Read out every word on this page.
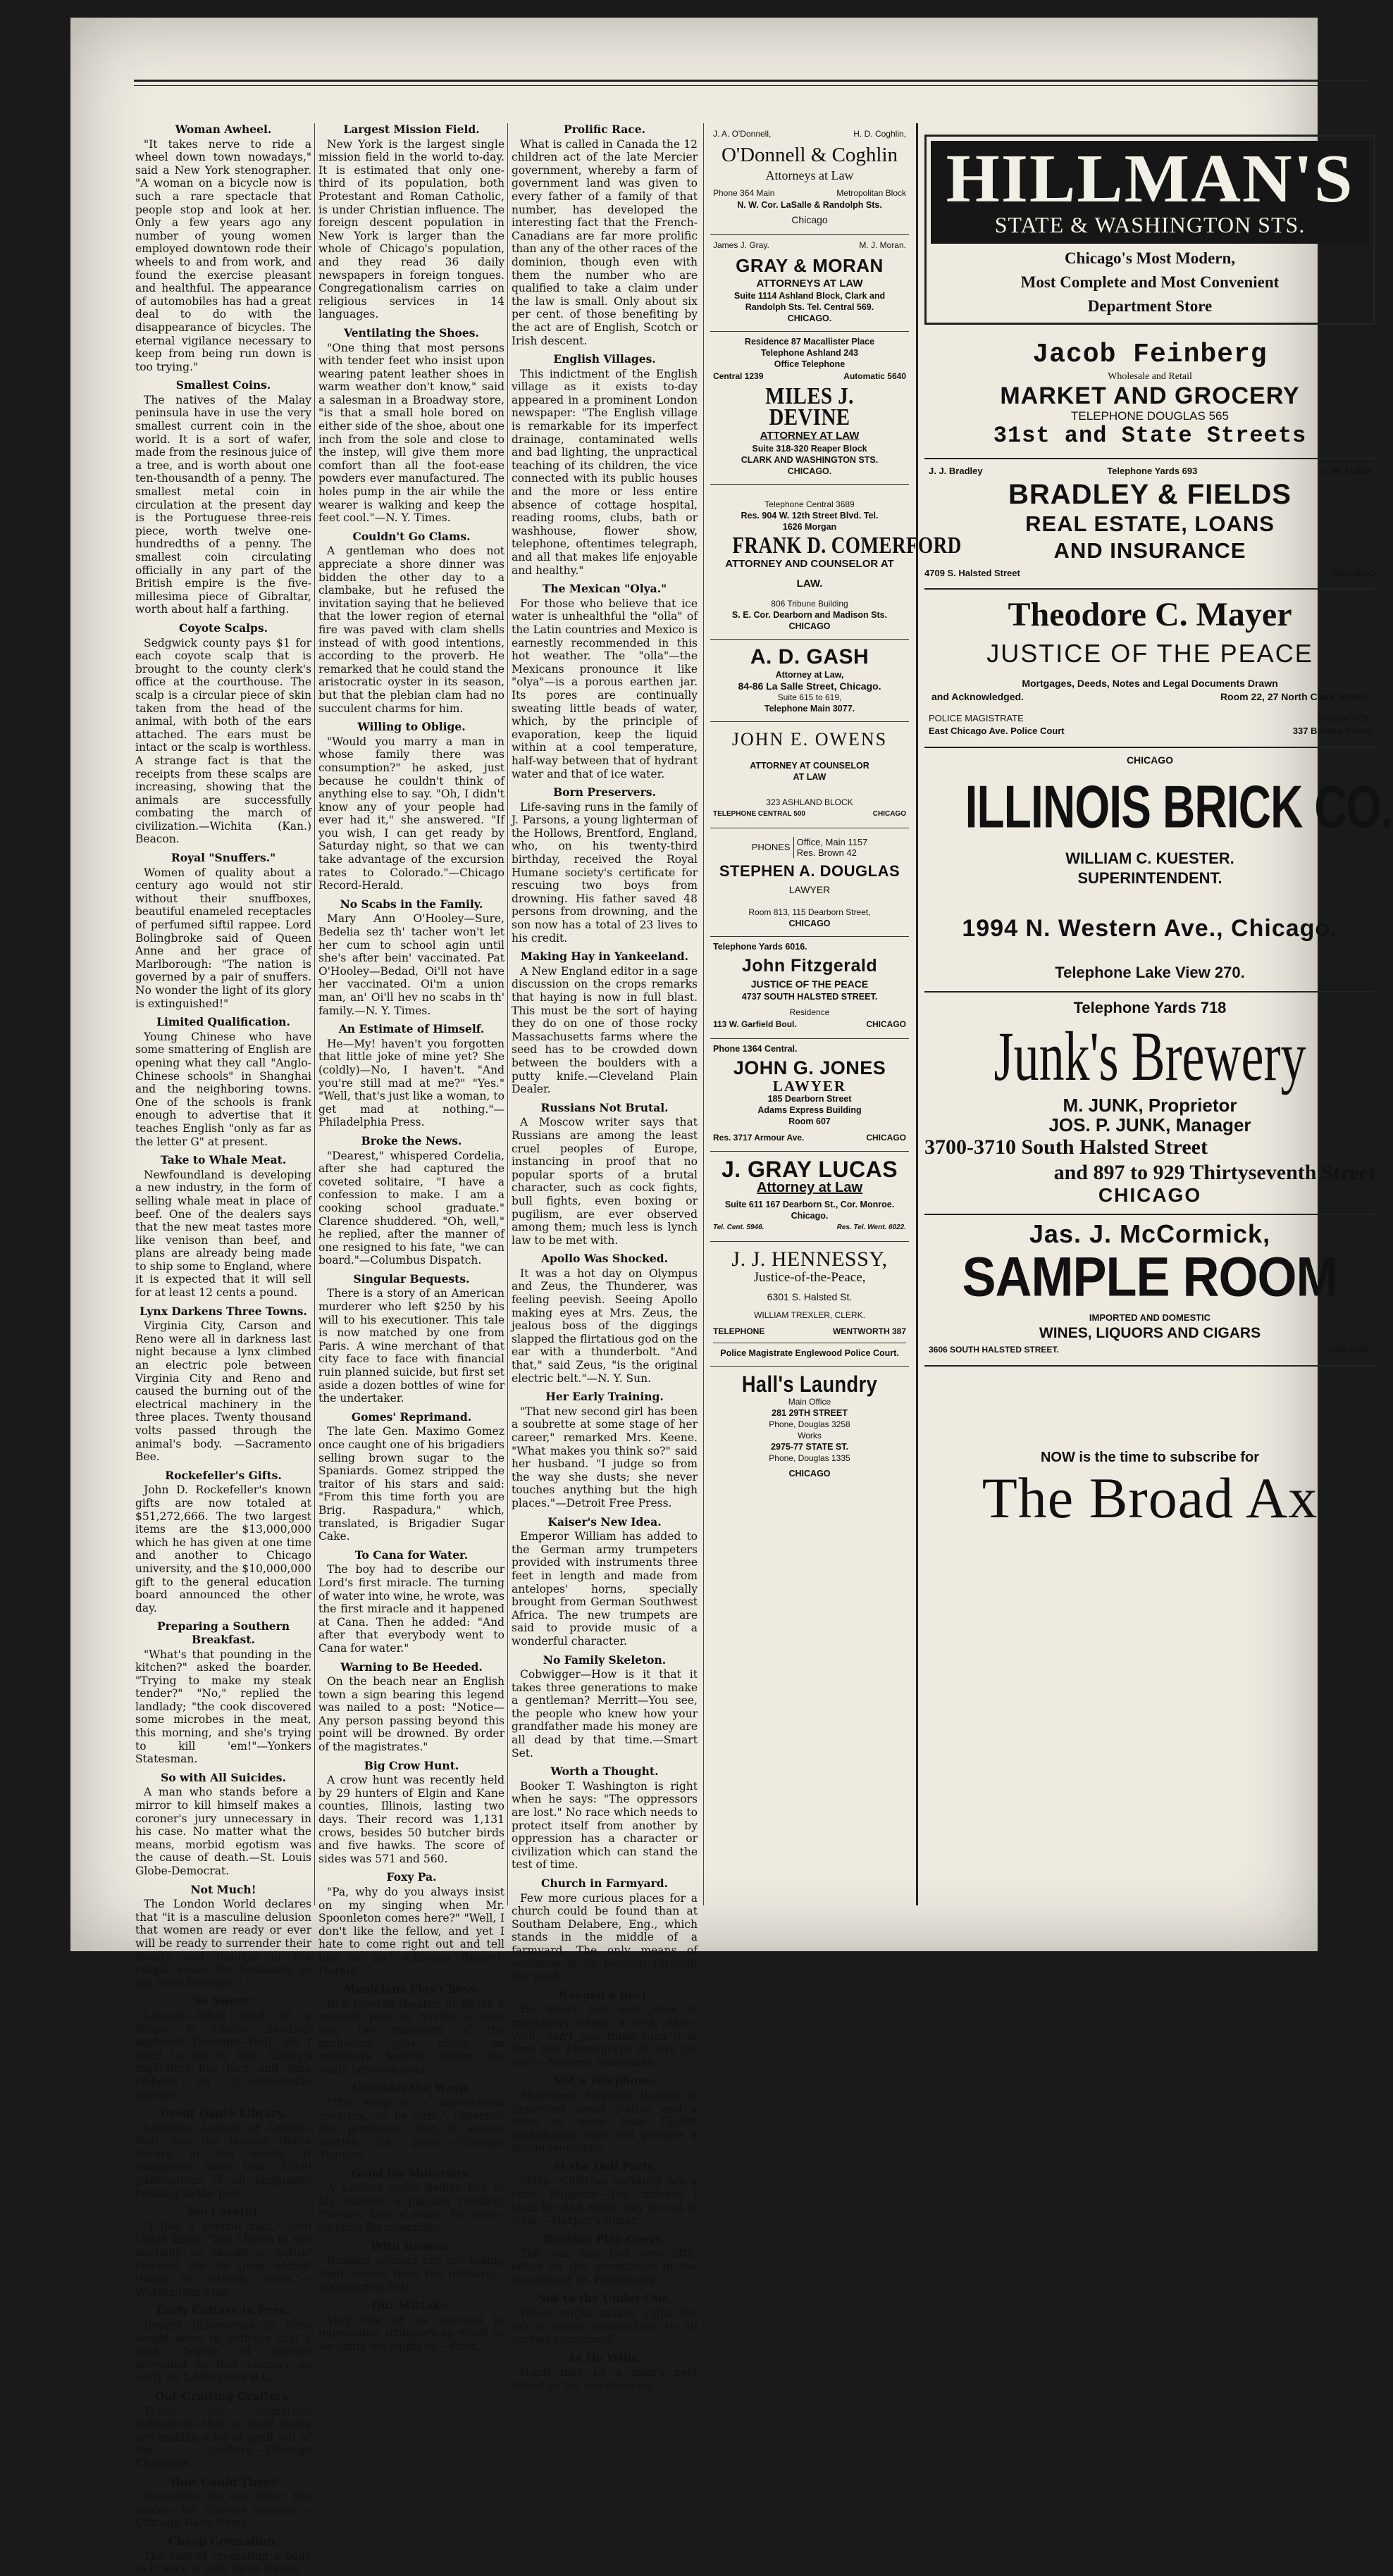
Woman Awheel.

"It takes nerve to ride a wheel down town nowadays," said a New York stenographer. "A woman on a bicycle now is such a rare spectacle that people stop and look at her. Only a few years ago any number of young women employed downtown rode their wheels to and from work, and found the exercise pleasant and healthful. The appearance of automobiles has had a great deal to do with the disappearance of bicycles. The eternal vigilance necessary to keep from being run down is too trying."

Smallest Coins.

The natives of the Malay peninsula have in use the very smallest current coin in the world. It is a sort of wafer, made from the resinous juice of a tree, and is worth about one ten-thousandth of a penny. The smallest metal coin in circulation at the present day is the Portuguese three-reis piece, worth twelve one-hundredths of a penny. The smallest coin circulating officially in any part of the British empire is the five-millesima piece of Gibraltar, worth about half a farthing.

Coyote Scalps.

Sedgwick county pays $1 for each coyote scalp that is brought to the county clerk's office at the courthouse. The scalp is a circular piece of skin taken from the head of the animal, with both of the ears attached. The ears must be intact or the scalp is worthless. A strange fact is that the receipts from these scalps are increasing, showing that the animals are successfully combating the march of civilization.—Wichita (Kan.) Beacon.

Royal "Snuffers."

Women of quality about a century ago would not stir without their snuffboxes, beautiful enameled receptacles of perfumed siftil rappee. Lord Bolingbroke said of Queen Anne and her grace of Marlborough: "The nation is governed by a pair of snuffers. No wonder the light of its glory is extinguished!"

Limited Qualification.

Young Chinese who have some smattering of English are opening what they call "Anglo-Chinese schools" in Shanghai and the neighboring towns. One of the schools is frank enough to advertise that it teaches English "only as far as the letter G" at present.

Take to Whale Meat.

Newfoundland is developing a new industry, in the form of selling whale meat in place of beef. One of the dealers says that the new meat tastes more like venison than beef, and plans are already being made to ship some to England, where it is expected that it will sell for at least 12 cents a pound.

Lynx Darkens Three Towns.

Virginia City, Carson and Reno were all in darkness last night because a lynx climbed an electric pole between Virginia City and Reno and caused the burning out of the electrical machinery in the three places. Twenty thousand volts passed through the animal's body. —Sacramento Bee.

Rockefeller's Gifts.

John D. Rockefeller's known gifts are now totaled at $51,272,666. The two largest items are the $13,000,000 which he has given at one time and another to Chicago university, and the $10,000,000 gift to the general education board announced the other day.

Preparing a Southern Breakfast.

"What's that pounding in the kitchen?" asked the boarder. "Trying to make my steak tender?" "No," replied the landlady; "the cook discovered some microbes in the meat, this morning, and she's trying to kill 'em!"—Yonkers Statesman.

So with All Suicides.

A man who stands before a mirror to kill himself makes a coroner's jury unnecessary in his case. No matter what the means, morbid egotism was the cause of death.—St. Louis Globe-Democrat.

Not Much!

The London World declares that "it is a masculine delusion that women are ready or ever will be ready to surrender their liberty and indulge in the vulgar chase for husbands as did their forbears."

So Sweet!

Lawson—What kind of a fellow is Cholly Sawfter, anyhow? Dawson—Well, all I need to say is that Cholly's nightshirt has lace and pink ribbons on it.—Somerville Journal.

Great Dante Library.

Leonidas Leonell of Undine, Italy, has the largest Dante library in the world. It comprises more than 3,000 publications of all languages relating to the poet.

Too Careful.

"I like a keerful man," said Uncle Eben, "but I hates to see anybody so skyaht o' gettin' cheated dat he goes widout things he actually needs."—Washington Star.

Early Culture in Peru.

Recent discoveries in Peru would seem to indicate that a high degree of culture prevailed in that country as early as 1,500 years B.C.

Out-Grafting Grafters.

There are numerous indications that a good many are making a lot of graft out of the grafters.—Chicago Chronicle.

How Could They?

Cigarettes do not affect the brains—for obvious reasons.—Chicago Daily News.

Cheap Cremation.

The cost of cremating a body in France is only three francs.

Largest Mission Field.

New York is the largest single mission field in the world to-day. It is estimated that only one-third of its population, both Protestant and Roman Catholic, is under Christian influence. The foreign descent population in New York is larger than the whole of Chicago's population, and they read 36 daily newspapers in foreign tongues. Congregationalism carries on religious services in 14 languages.

Ventilating the Shoes.

"One thing that most persons with tender feet who insist upon wearing patent leather shoes in warm weather don't know," said a salesman in a Broadway store, "is that a small hole bored on either side of the shoe, about one inch from the sole and close to the instep, will give them more comfort than all the foot-ease powders ever manufactured. The holes pump in the air while the wearer is walking and keep the feet cool."—N. Y. Times.

Couldn't Go Clams.

A gentleman who does not appreciate a shore dinner was bidden the other day to a clambake, but he refused the invitation saying that he believed that the lower region of eternal fire was paved with clam shells instead of with good intentions, according to the proverb. He remarked that he could stand the aristocratic oyster in its season, but that the plebian clam had no succulent charms for him.

Willing to Oblige.

"Would you marry a man in whose family there was consumption?" he asked, just because he couldn't think of anything else to say. "Oh, I didn't know any of your people had ever had it," she answered. "If you wish, I can get ready by Saturday night, so that we can take advantage of the excursion rates to Colorado."—Chicago Record-Herald.

No Scabs in the Family.

Mary Ann O'Hooley—Sure, Bedelia sez th' tacher won't let her cum to school agin until she's after bein' vaccinated. Pat O'Hooley—Bedad, Oi'll not have her vaccinated. Oi'm a union man, an' Oi'll hev no scabs in th' family.—N. Y. Times.

An Estimate of Himself.

He—My! haven't you forgotten that little joke of mine yet? She (coldly)—No, I haven't. "And you're still mad at me?" "Yes." "Well, that's just like a woman, to get mad at nothing."—Philadelphia Press.

Broke the News.

"Dearest," whispered Cordelia, after she had captured the coveted solitaire, "I have a confession to make. I am a cooking school graduate." Clarence shuddered. "Oh, well," he replied, after the manner of one resigned to his fate, "we can board."—Columbus Dispatch.

Singular Bequests.

There is a story of an American murderer who left $250 by his will to his executioner. This tale is now matched by one from Paris. A wine merchant of that city face to face with financial ruin planned suicide, but first set aside a dozen bottles of wine for the undertaker.

Gomes' Reprimand.

The late Gen. Maximo Gomez once caught one of his brigadiers selling brown sugar to the Spaniards. Gomez stripped the traitor of his stars and said: "From this time forth you are Brig. Raspadura," which, translated, is Brigadier Sugar Cake.

To Cana for Water.

The boy had to describe our Lord's first miracle. The turning of water into wine, he wrote, was the first miracle and it happened at Cana. Then he added: "And after that everybody went to Cana for water."

Warning to Be Heeded.

On the beach near an English town a sign bearing this legend was nailed to a post: "Notice—Any person passing beyond this point will be drowned. By order of the magistrates."

Big Crow Hunt.

A crow hunt was recently held by 29 hunters of Elgin and Kane counties, Illinois, lasting two days. Their record was 1,131 crows, besides 50 butcher birds and five hawks. The score of sides was 571 and 560.

Foxy Pa.

"Pa, why do you always insist on my singing when Mr. Spoonleton comes here?" "Well, I don't like the fellow, and yet I hate to come right out and tell him to go."—Chicago Record-Herald.

Musicians Play Chess.

In a London theater, at which a musical play is having a long run, the members of the orchestra play chess on miniature boards during the waits between acts.

Consider the Wasp.

"The wasp is a disputatious creature, to be sure," observed the professor, "but it always carries its point."—Chicago Tribune.

Good for Motorists.

A London curio dealer has in his window a placard reading: "Several bits of armor for sale—suitable for motorists."

With Reason.

Russian authors are not taking their heroes from the military.—Washington Post.

Our Mistake.

Very few of us succeed in impressing strangers as much as we think we ought to.—Puck.

Prolific Race.

What is called in Canada the 12 children act of the late Mercier government, whereby a farm of government land was given to every father of a family of that number, has developed the interesting fact that the French-Canadians are far more prolific than any of the other races of the dominion, though even with them the number who are qualified to take a claim under the law is small. Only about six per cent. of those benefiting by the act are of English, Scotch or Irish descent.

English Villages.

This indictment of the English village as it exists to-day appeared in a prominent London newspaper: "The English village is remarkable for its imperfect drainage, contaminated wells and bad lighting, the unpractical teaching of its children, the vice connected with its public houses and the more or less entire absence of cottage hospital, reading rooms, clubs, bath or washhouse, flower show, telephone, oftentimes telegraph, and all that makes life enjoyable and healthy."

The Mexican "Olya."

For those who believe that ice water is unhealthful the "olla" of the Latin countries and Mexico is earnestly recommended in this hot weather. The "olla"—the Mexicans pronounce it like "olya"—is a porous earthen jar. Its pores are continually sweating little beads of water, which, by the principle of evaporation, keep the liquid within at a cool temperature, half-way between that of hydrant water and that of ice water.

Born Preservers.

Life-saving runs in the family of J. Parsons, a young lighterman of the Hollows, Brentford, England, who, on his twenty-third birthday, received the Royal Humane society's certificate for rescuing two boys from drowning. His father saved 48 persons from drowning, and the son now has a total of 23 lives to his credit.

Making Hay in Yankeeland.

A New England editor in a sage discussion on the crops remarks that haying is now in full blast. This must be the sort of haying they do on one of those rocky Massachusetts farms where the seed has to be crowded down between the boulders with a putty knife.—Cleveland Plain Dealer.

Russians Not Brutal.

A Moscow writer says that Russians are among the least cruel peoples of Europe, instancing in proof that no popular sports of a brutal character, such as cock fights, bull fights, even boxing or pugilism, are ever observed among them; much less is lynch law to be met with.

Apollo Was Shocked.

It was a hot day on Olympus and Zeus, the Thunderer, was feeling peevish. Seeing Apollo making eyes at Mrs. Zeus, the jealous boss of the diggings slapped the flirtatious god on the ear with a thunderbolt. "And that," said Zeus, "is the original electric belt."—N. Y. Sun.

Her Early Training.

"That new second girl has been a soubrette at some stage of her career," remarked Mrs. Keene. "What makes you think so?" said her husband. "I judge so from the way she dusts; she never touches anything but the high places."—Detroit Free Press.

Kaiser's New Idea.

Emperor William has added to the German army trumpeters provided with instruments three feet in length and made from antelopes' horns, specially brought from German Southwest Africa. The new trumpets are said to provide music of a wonderful character.

No Family Skeleton.

Cobwigger—How is it that it takes three generations to make a gentleman? Merritt—You see, the people who knew how your grandfather made his money are all dead by that time.—Smart Set.

Worth a Thought.

Booker T. Washington is right when he says: "The oppressors are lost." No race which needs to protect itself from another by oppression has a character or civilization which can stand the test of time.

Church in Farmyard.

Few more curious places for a church could be found than at Southam Delabere, Eng., which stands in the middle of a farmyard. The only means of entrance is by passing through the yard.

Needed a Rest.

He—Every tool and piece of machinery needs a rest. She—Well, don't you think then it is time that phonograph of ours got one?—Yonkers Statesman.

Not a Telephone.

Sheerness, England, though an important naval station and a town of more than 15,000 inhabitants, does not possess a single telephone.

At the Doll Party.

Mary—Children certainly are a care. Millicent—Yes, indeed! I shall be glad when they go out of style.—Harper's Bazar.

Russian Play-Goers.

The war has had very little effect on the attendance in the theaters of St. Petersburg.

Not to the Under One.

When might makes right the job is never satisfactory to all parties concerned.

As He Wills.

Habit may be a man's best friend or his worst enemy.

J. A. O'Donnell,	H. D. Coghlin,
O'Donnell & Coghlin
Attorneys at Law
Phone 364 Main	Metropolitan Block
N. W. Cor. LaSalle & Randolph Sts.
Chicago
James J. Gray.	M. J. Moran.
GRAY & MORAN
ATTORNEYS AT LAW
Suite 1114 Ashland Block, Clark and
Randolph Sts. Tel. Central 569.
CHICAGO.
Residence 87 Macallister Place
Telephone Ashland 243
Office Telephone
Central 1239	Automatic 5640
MILES J. DEVINE
ATTORNEY AT LAW
Suite 318-320 Reaper Block
CLARK AND WASHINGTON STS.
CHICAGO.
Telephone Central 3689
Res. 904 W. 12th Street Blvd. Tel.
1626 Morgan
FRANK D. COMERFORD
ATTORNEY AND COUNSELOR AT
LAW.
806 Tribune Building
S. E. Cor. Dearborn and Madison Sts.
CHICAGO
A. D. GASH
Attorney at Law,
84-86 La Salle Street, Chicago.
Suite 615 to 619,
Telephone Main 3077.
JOHN E. OWENS
ATTORNEY AT COUNSELOR
AT LAW
323 ASHLAND BLOCK
TELEPHONE CENTRAL 500	CHICAGO
PHONES Office, Main 1157
Res. Brown 42
STEPHEN A. DOUGLAS
LAWYER
Room 813, 115 Dearborn Street,
CHICAGO
Telephone Yards 6016.
John Fitzgerald
JUSTICE OF THE PEACE
4737 SOUTH HALSTED STREET.
Residence
113 W. Garfield Boul.	CHICAGO
Phone 1364 Central.
JOHN G. JONES
LAWYER
185 Dearborn Street
Adams Express Building
Room 607
Res. 3717 Armour Ave.	CHICAGO
J. GRAY LUCAS
Attorney at Law
Suite 611 167 Dearborn St., Cor. Monroe.
Chicago.
Tel. Cent. 5946.	Res. Tel. Went. 6022.
J. J. HENNESSY,
Justice-of-the-Peace,
6301 S. Halsted St.
WILLIAM TREXLER, CLERK.
TELEPHONE	WENTWORTH 387
Police Magistrate Englewood Police Court.
Hall's Laundry
Main Office
281 29TH STREET
Phone, Douglas 3258
Works
2975-77 STATE ST.
Phone, Douglas 1335
CHICAGO
HILLMAN'S
STATE & WASHINGTON STS.
Chicago's Most Modern,
Most Complete and Most Convenient
Department Store
Jacob Feinberg
Wholesale and Retail
MARKET AND GROCERY
TELEPHONE DOUGLAS 565
31st and State Streets
J. J. Bradley	Telephone Yards 693	J. M. Fields
BRADLEY & FIELDS
REAL ESTATE, LOANS
AND INSURANCE
4709 S. Halsted Street	CHICAGO
Theodore C. Mayer
JUSTICE OF THE PEACE
Mortgages, Deeds, Notes and Legal Documents Drawn
and Acknowledged.	Room 22, 27 North Clark Street.
POLICE MAGISTRATE	RESIDENCE
East Chicago Ave. Police Court	337 Burling Street
CHICAGO
ILLINOIS BRICK CO.
WILLIAM C. KUESTER.
SUPERINTENDENT.
1994 N. Western Ave., Chicago.
Telephone Lake View 270.
Telephone Yards 718
Junk's Brewery
M. JUNK, Proprietor
JOS. P. JUNK, Manager
3700-3710 South Halsted Street
and 897 to 929 Thirtyseventh Street
CHICAGO
Jas. J. McCormick,
SAMPLE ROOM
IMPORTED AND DOMESTIC
WINES, LIQUORS AND CIGARS
3606 SOUTH HALSTED STREET.	CHICAGO.
NOW is the time to subscribe for
The Broad Ax
